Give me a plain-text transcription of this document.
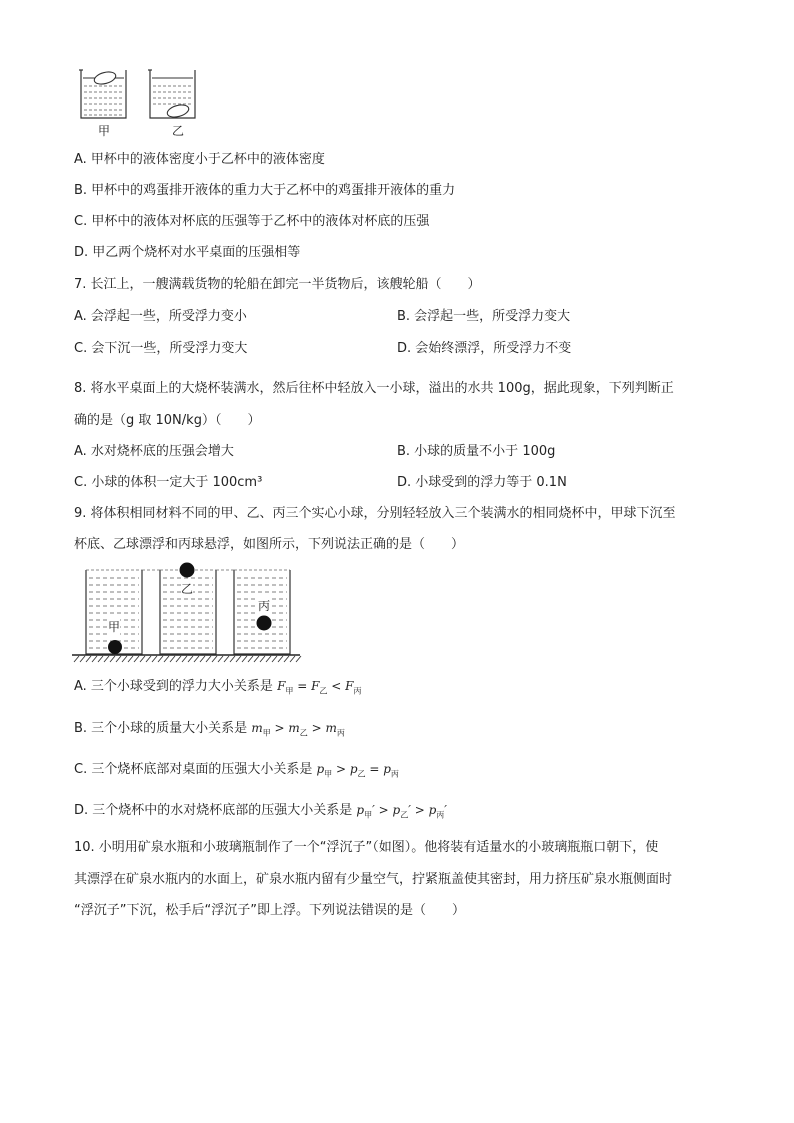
甲	乙
A. 甲杯中的液体密度小于乙杯中的液体密度
B. 甲杯中的鸡蛋排开液体的重力大于乙杯中的鸡蛋排开液体的重力
C. 甲杯中的液体对杯底的压强等于乙杯中的液体对杯底的压强
D. 甲乙两个烧杯对水平桌面的压强相等
7. 长江上，一艘满载货物的轮船在卸完一半货物后，该艘轮船（　　）
A. 会浮起一些，所受浮力变小	B. 会浮起一些，所受浮力变大
C. 会下沉一些，所受浮力变大	D. 会始终漂浮，所受浮力不变
8. 将水平桌面上的大烧杯装满水，然后往杯中轻放入一小球，溢出的水共 100g，据此现象，下列判断正
确的是（g 取 10N/kg）（　　）
A. 水对烧杯底的压强会增大	B. 小球的质量不小于 100g
C. 小球的体积一定大于 100cm³	D. 小球受到的浮力等于 0.1N
9. 将体积相同材料不同的甲、乙、丙三个实心小球，分别轻轻放入三个装满水的相同烧杯中，甲球下沉至
杯底、乙球漂浮和丙球悬浮，如图所示，下列说法正确的是（　　）
甲
乙
丙
A. 三个小球受到的浮力大小关系是 $F_甲 = F_乙 < F_丙$
B. 三个小球的质量大小关系是 $m_甲 > m_乙 > m_丙$
C. 三个烧杯底部对桌面的压强大小关系是 $p_甲 > p_乙 = p_丙$
D. 三个烧杯中的水对烧杯底部的压强大小关系是 $p_甲' > p_乙' > p_丙'$
10. 小明用矿泉水瓶和小玻璃瓶制作了一个“浮沉子”（如图）。他将装有适量水的小玻璃瓶瓶口朝下，使
其漂浮在矿泉水瓶内的水面上，矿泉水瓶内留有少量空气，拧紧瓶盖使其密封，用力挤压矿泉水瓶侧面时
“浮沉子”下沉，松手后“浮沉子”即上浮。下列说法错误的是（　　）
